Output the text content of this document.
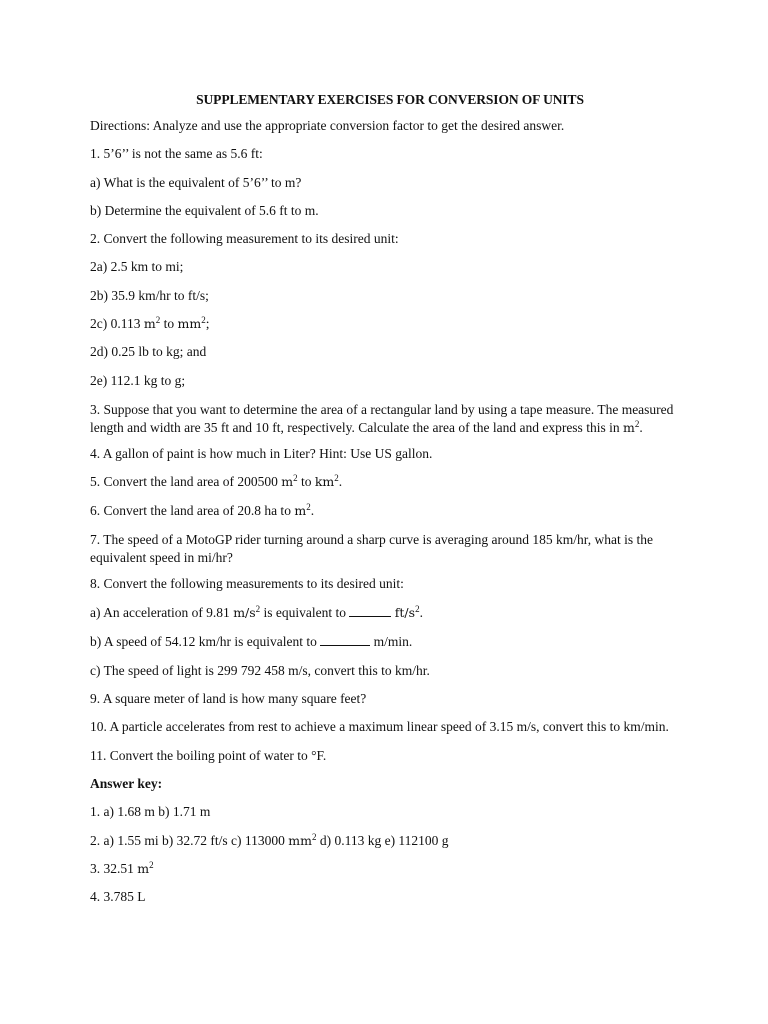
SUPPLEMENTARY EXERCISES FOR CONVERSION OF UNITS
Directions: Analyze and use the appropriate conversion factor to get the desired answer.
1. 5’6’’ is not the same as 5.6 ft:
a) What is the equivalent of 5’6’’ to m?
b) Determine the equivalent of 5.6 ft to m.
2. Convert the following measurement to its desired unit:
2a) 2.5 km to mi;
2b) 35.9 km/hr to ft/s;
2c) 0.113 $m^2$ to $mm^2$;
2d) 0.25 lb to kg; and
2e) 112.1 kg to g;
3. Suppose that you want to determine the area of a rectangular land by using a tape measure. The measured
length and width are 35 ft and 10 ft, respectively. Calculate the area of the land and express this in $m^2$.
4. A gallon of paint is how much in Liter? Hint: Use US gallon.
5. Convert the land area of 200500 $m^2$ to $km^2$.
6. Convert the land area of 20.8 ha to $m^2$.
7. The speed of a MotoGP rider turning around a sharp curve is averaging around 185 km/hr, what is the
equivalent speed in mi/hr?
8. Convert the following measurements to its desired unit:
a) An acceleration of 9.81 $m/s^2$ is equivalent to	$ft/s^2$.
b) A speed of 54.12 km/hr is equivalent to	m/min.
c) The speed of light is 299 792 458 m/s, convert this to km/hr.
9. A square meter of land is how many square feet?
10. A particle accelerates from rest to achieve a maximum linear speed of 3.15 m/s, convert this to km/min.
11. Convert the boiling point of water to °F.
Answer key:
1. a) 1.68 m b) 1.71 m
2. a) 1.55 mi b) 32.72 ft/s c) 113000 $mm^2$ d) 0.113 kg e) 112100 g
3. 32.51 $m^2$
4. 3.785 L
